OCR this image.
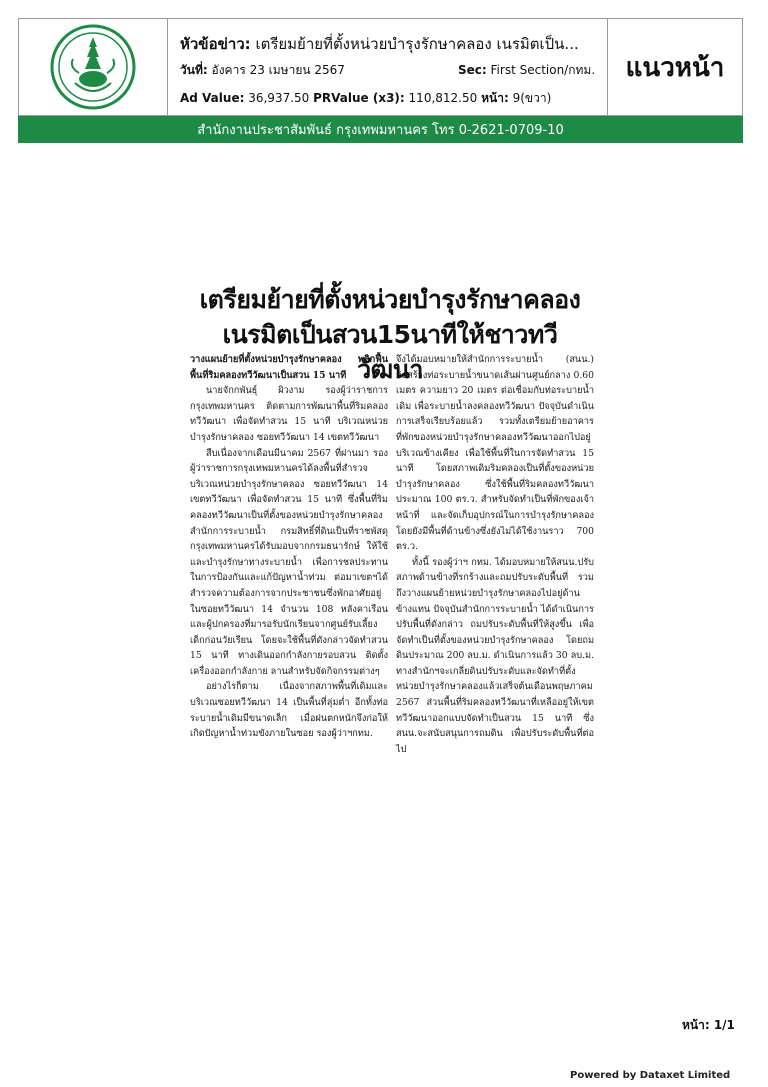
หัวข้อข่าว: เตรียมย้ายที่ตั้งหน่วยบำรุงรักษาคลอง เนรมิตเป็น...
วันที่: อังคาร 23 เมษายน 2567	Sec: First Section/กทม.
Ad Value: 36,937.50 PRValue (x3): 110,812.50 หน้า: 9(ขวา)
แนวหน้า
สำนักงานประชาสัมพันธ์ กรุงเทพมหานคร โทร 0-2621-0709-10
เตรียมย้ายที่ตั้งหน่วยบำรุงรักษาคลอง
เนรมิตเป็นสวน15นาทีให้ชาวทวีวัฒนา

วางแผนย้ายที่ตั้งหน่วยบำรุงรักษาคลอง พลิกฟื้นพื้นที่ริมคลองทวีวัฒนาเป็นสวน 15 นาที

นายจักกพันธุ์ ผิวงาม รองผู้ว่าราชการกรุงเทพมหานคร ติดตามการพัฒนาพื้นที่ริมคลองทวีวัฒนา เพื่อจัดทำสวน 15 นาที บริเวณหน่วยบำรุงรักษาคลอง ซอยทวีวัฒนา 14 เขตทวีวัฒนา

สืบเนื่องจากเดือนมีนาคม 2567 ที่ผ่านมา รองผู้ว่าราชการกรุงเทพมหานครได้ลงพื้นที่สำรวจบริเวณหน่วยบำรุงรักษาคลอง ซอยทวีวัฒนา 14 เขตทวีวัฒนา เพื่อจัดทำสวน 15 นาที ซึ่งพื้นที่ริมคลองทวีวัฒนาเป็นที่ตั้งของหน่วยบำรุงรักษาคลอง สำนักการระบายน้ำ กรมสิทธิ์ที่ดินเป็นที่ราชพัสดุ กรุงเทพมหานครได้รับมอบจากกรมธนารักษ์ ให้ใช้และบำรุงรักษาทางระบายน้ำ เพื่อการชลประทานในการป้องกันและแก้ปัญหาน้ำท่วม ต่อมาเขตฯได้สำรวจความต้องการจากประชาชนซึ่งพักอาศัยอยู่ในซอยทวีวัฒนา 14 จำนวน 108 หลังคาเรือน และผู้ปกครองที่มารอรับนักเรียนจากศูนย์รับเลี้ยงเด็กก่อนวัยเรียน โดยจะใช้พื้นที่ดังกล่าวจัดทำสวน 15 นาที ทางเดินออกกำลังกายรอบสวน ติดตั้งเครื่องออกกำลังกาย ลานสำหรับจัดกิจกรรมต่างๆ

อย่างไรก็ตาม เนื่องจากสภาพพื้นที่เดิมและบริเวณซอยทวีวัฒนา 14 เป็นพื้นที่ลุ่มต่ำ อีกทั้งท่อระบายน้ำเดิมมีขนาดเล็ก เมื่อฝนตกหนักจึงก่อให้เกิดปัญหาน้ำท่วมขังภายในซอย รองผู้ว่าฯกทม.

จึงได้มอบหมายให้สำนักการระบายน้ำ (สนน.) ก่อสร้างท่อระบายน้ำขนาดเส้นผ่านศูนย์กลาง 0.60 เมตร ความยาว 20 เมตร ต่อเชื่อมกับท่อระบายน้ำเดิม เพื่อระบายน้ำลงคลองทวีวัฒนา ปัจจุบันดำเนินการเสร็จเรียบร้อยแล้ว รวมทั้งเตรียมย้ายอาคารที่พักของหน่วยบำรุงรักษาคลองทวีวัฒนาออกไปอยู่บริเวณข้างเคียง เพื่อใช้พื้นที่ในการจัดทำสวน 15 นาที โดยสภาพเดิมริมคลองเป็นที่ตั้งของหน่วยบำรุงรักษาคลอง ซึ่งใช้พื้นที่ริมคลองทวีวัฒนาประมาณ 100 ตร.ว. สำหรับจัดทำเป็นที่พักของเจ้าหน้าที่ และจัดเก็บอุปกรณ์ในการบำรุงรักษาคลอง โดยยังมีพื้นที่ด้านข้างซึ่งยังไม่ได้ใช้งานราว 700 ตร.ว.

ทั้งนี้ รองผู้ว่าฯ กทม. ได้มอบหมายให้สนน.ปรับสภาพด้านข้างที่รกร้างและถมปรับระดับพื้นที่ รวมถึงวางแผนย้ายหน่วยบำรุงรักษาคลองไปอยู่ด้านข้างแทน ปัจจุบันสำนักการระบายน้ำ ได้ดำเนินการปรับพื้นที่ดังกล่าว ถมปรับระดับพื้นที่ให้สูงขึ้น เพื่อจัดทำเป็นที่ตั้งของหน่วยบำรุงรักษาคลอง โดยถมดินประมาณ 200 ลบ.ม. ดำเนินการแล้ว 30 ลบ.ม. ทางสำนักฯจะเกลี่ยดินปรับระดับและจัดทำที่ตั้งหน่วยบำรุงรักษาคลองแล้วเสร็จต้นเดือนพฤษภาคม 2567 ส่วนพื้นที่ริมคลองทวีวัฒนาที่เหลืออยู่ให้เขตทวีวัฒนาออกแบบจัดทำเป็นสวน 15 นาที ซึ่ง สนน.จะสนับสนุนการถมดิน เพื่อปรับระดับพื้นที่ต่อไป

หน้า: 1/1
Powered by Dataxet Limited
